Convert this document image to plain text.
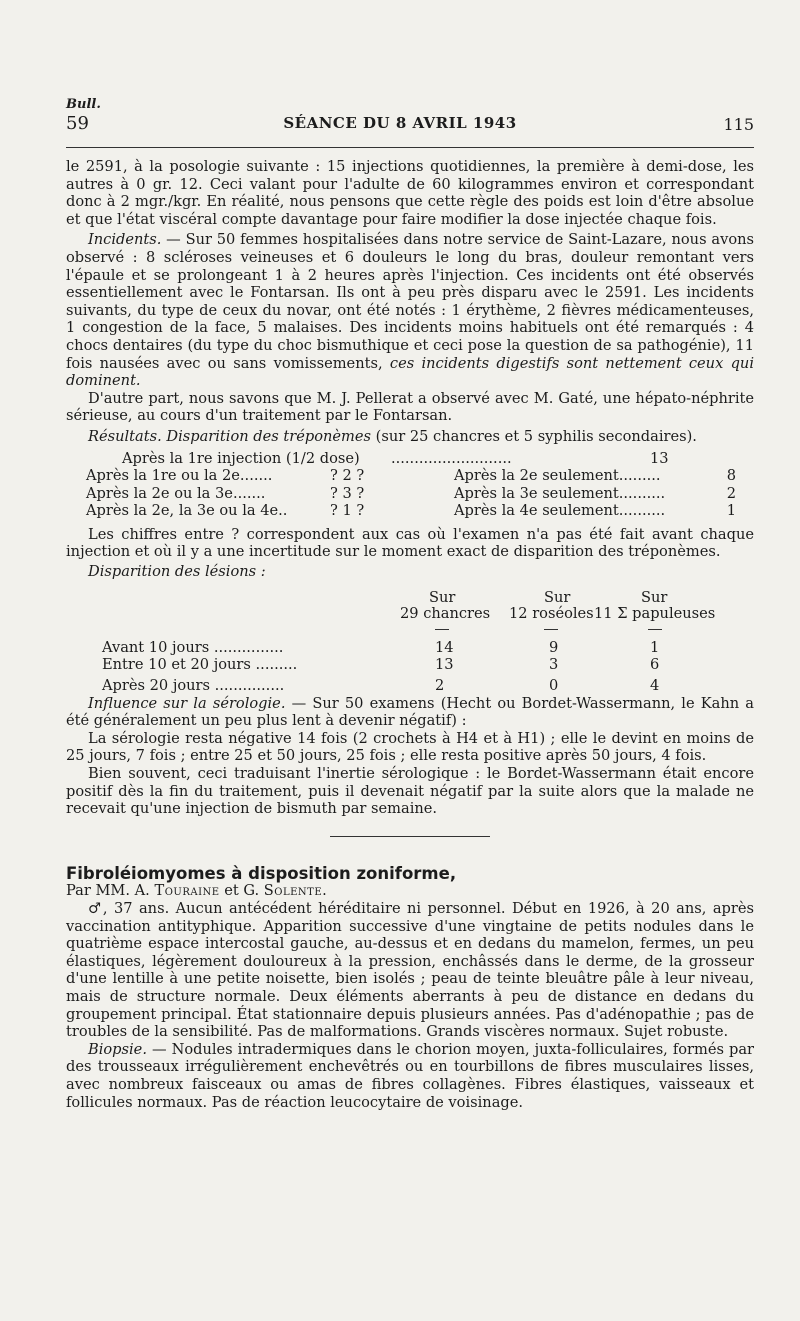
Bull.
59	SÉANCE DU 8 AVRIL 1943	115

le 2591, à la posologie suivante : 15 injections quotidiennes, la première à demi-dose, les autres à 0 gr. 12. Ceci valant pour l'adulte de 60 kilogrammes environ et correspondant donc à 2 mgr./kgr. En réalité, nous pensons que cette règle des poids est loin d'être absolue et que l'état viscéral compte davantage pour faire modifier la dose injectée chaque fois.

Incidents. — Sur 50 femmes hospitalisées dans notre service de Saint-Lazare, nous avons observé : 8 scléroses veineuses et 6 douleurs le long du bras, douleur remontant vers l'épaule et se prolongeant 1 à 2 heures après l'injection. Ces incidents ont été observés essentiellement avec le Fontarsan. Ils ont à peu près disparu avec le 2591. Les incidents suivants, du type de ceux du novar, ont été notés : 1 érythème, 2 fièvres médicamenteuses, 1 congestion de la face, 5 malaises. Des incidents moins habituels ont été remarqués : 4 chocs dentaires (du type du choc bismuthique et ceci pose la question de sa pathogénie), 11 fois nausées avec ou sans vomissements, ces incidents digestifs sont nettement ceux qui dominent.

D'autre part, nous savons que M. J. Pellerat a observé avec M. Gaté, une hépato-néphrite sérieuse, au cours d'un traitement par le Fontarsan.

Résultats. Disparition des tréponèmes (sur 25 chancres et 5 syphilis secondaires).

Après la 1re injection (1/2 dose) ..........................	13
Après la 1re ou la 2e.......	? 2 ?	Après la 2e seulement.........	8
Après la 2e ou la 3e.......	? 3 ?	Après la 3e seulement..........	2
Après la 2e, la 3e ou la 4e..	? 1 ?	Après la 4e seulement..........	1

Les chiffres entre ? correspondent aux cas où l'examen n'a pas été fait avant chaque injection et où il y a une incertitude sur le moment exact de disparition des tréponèmes.

Disparition des lésions :

Sur	Sur	Sur
29 chancres 12 roséoles 11 Σ papuleuses
Avant 10 jours ...............	14	9	1
Entre 10 et 20 jours .........	13	3	6
Après 20 jours ...............	2	0	4

Influence sur la sérologie. — Sur 50 examens (Hecht ou Bordet-Wassermann, le Kahn a été généralement un peu plus lent à devenir négatif) :

La sérologie resta négative 14 fois (2 crochets à H4 et à H1) ; elle le devint en moins de 25 jours, 7 fois ; entre 25 et 50 jours, 25 fois ; elle resta positive après 50 jours, 4 fois.

Bien souvent, ceci traduisant l'inertie sérologique : le Bordet-Wassermann était encore positif dès la fin du traitement, puis il devenait négatif par la suite alors que la malade ne recevait qu'une injection de bismuth par semaine.

Fibroléiomyomes à disposition zoniforme,

Par MM. A. Touraine et G. Solente.

♂, 37 ans. Aucun antécédent héréditaire ni personnel. Début en 1926, à 20 ans, après vaccination antityphique. Apparition successive d'une vingtaine de petits nodules dans le quatrième espace intercostal gauche, au-dessus et en dedans du mamelon, fermes, un peu élastiques, légèrement douloureux à la pression, enchâssés dans le derme, de la grosseur d'une lentille à une petite noisette, bien isolés ; peau de teinte bleuâtre pâle à leur niveau, mais de structure normale. Deux éléments aberrants à peu de distance en dedans du groupement principal. État stationnaire depuis plusieurs années. Pas d'adénopathie ; pas de troubles de la sensibilité. Pas de malformations. Grands viscères normaux. Sujet robuste.

Biopsie. — Nodules intradermiques dans le chorion moyen, juxta-folliculaires, formés par des trousseaux irrégulièrement enchevêtrés ou en tourbillons de fibres musculaires lisses, avec nombreux faisceaux ou amas de fibres collagènes. Fibres élastiques, vaisseaux et follicules normaux. Pas de réaction leucocytaire de voisinage.
